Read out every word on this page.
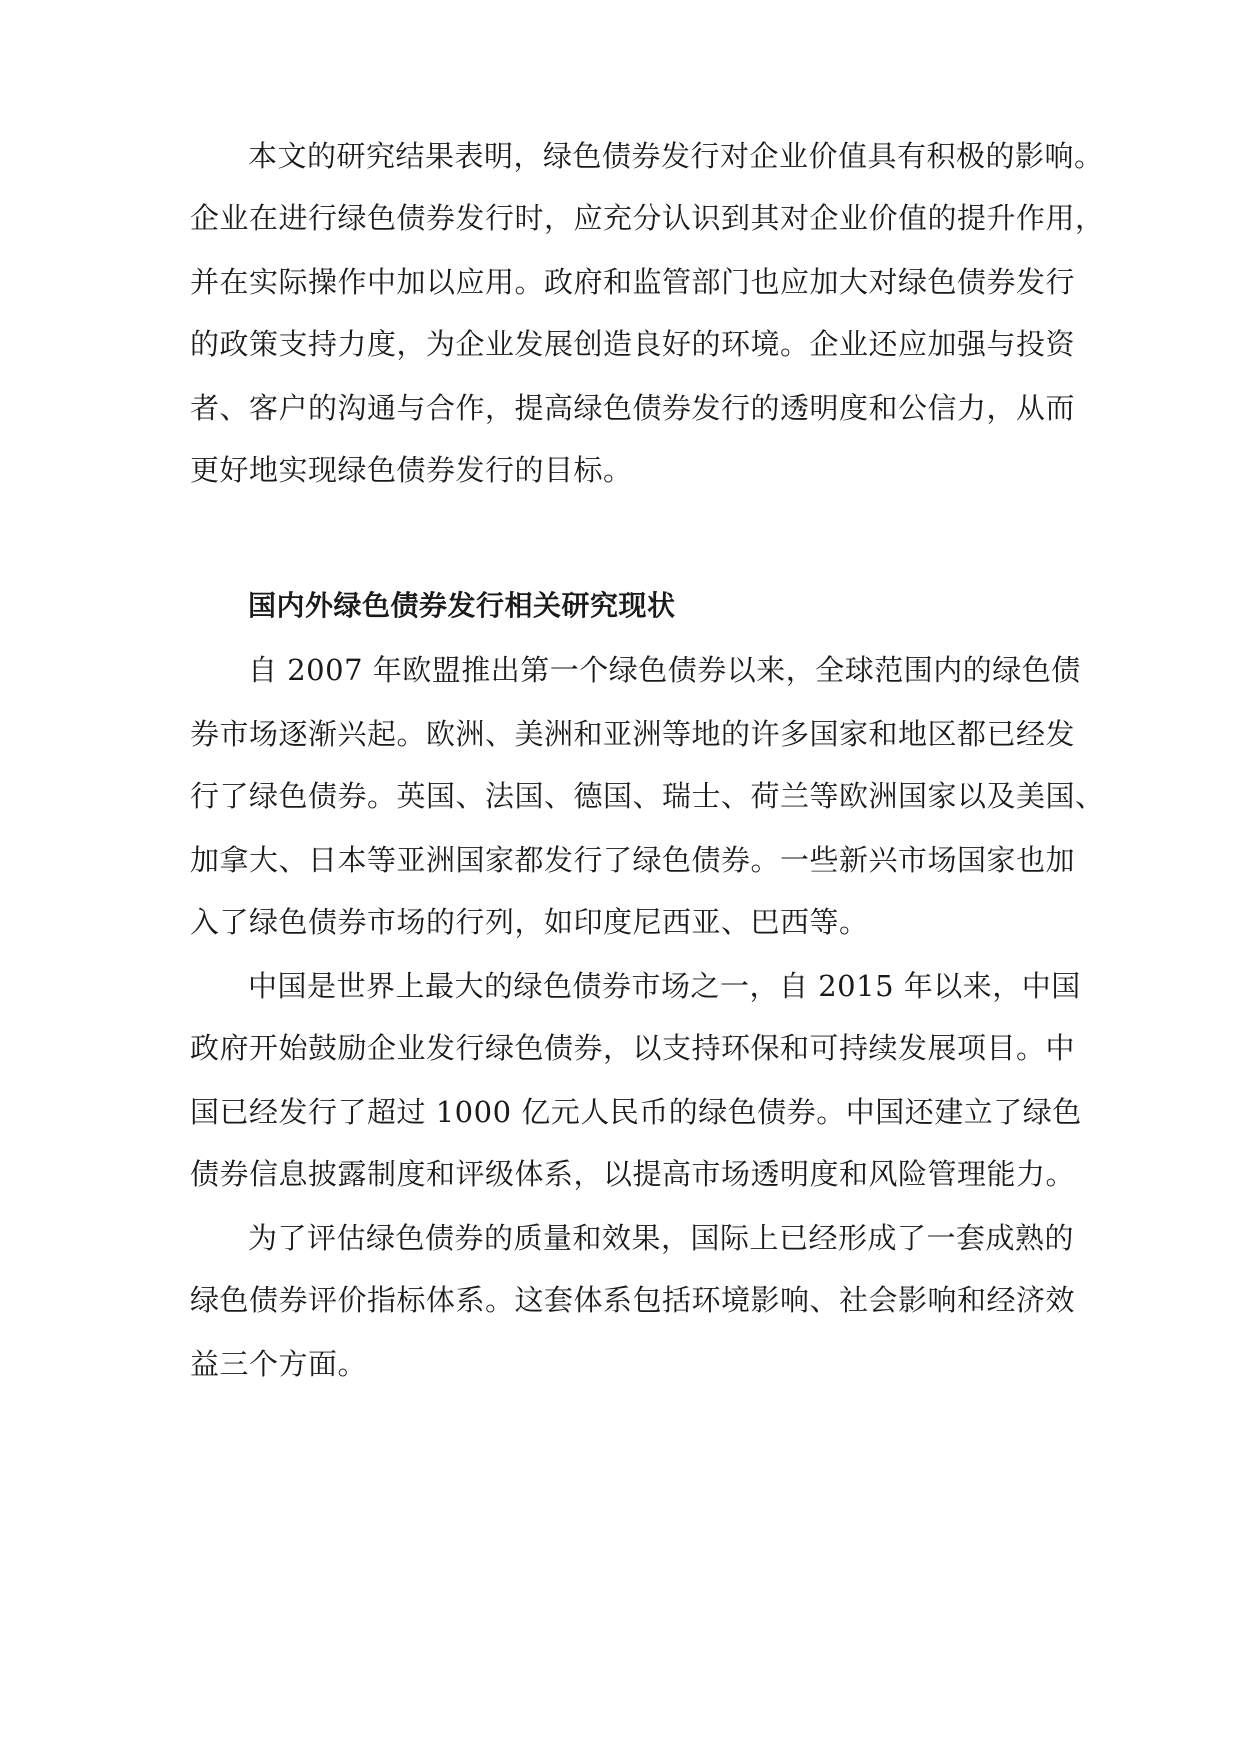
本文的研究结果表明，绿色债券发行对企业价值具有积极的影响。
企业在进行绿色债券发行时，应充分认识到其对企业价值的提升作用，
并在实际操作中加以应用。政府和监管部门也应加大对绿色债券发行
的政策支持力度，为企业发展创造良好的环境。企业还应加强与投资
者、客户的沟通与合作，提高绿色债券发行的透明度和公信力，从而
更好地实现绿色债券发行的目标。
国内外绿色债券发行相关研究现状
自 2007 年欧盟推出第一个绿色债券以来，全球范围内的绿色债
券市场逐渐兴起。欧洲、美洲和亚洲等地的许多国家和地区都已经发
行了绿色债券。英国、法国、德国、瑞士、荷兰等欧洲国家以及美国、
加拿大、日本等亚洲国家都发行了绿色债券。一些新兴市场国家也加
入了绿色债券市场的行列，如印度尼西亚、巴西等。
中国是世界上最大的绿色债券市场之一，自 2015 年以来，中国
政府开始鼓励企业发行绿色债券，以支持环保和可持续发展项目。中
国已经发行了超过 1000 亿元人民币的绿色债券。中国还建立了绿色
债券信息披露制度和评级体系，以提高市场透明度和风险管理能力。
为了评估绿色债券的质量和效果，国际上已经形成了一套成熟的
绿色债券评价指标体系。这套体系包括环境影响、社会影响和经济效
益三个方面。
